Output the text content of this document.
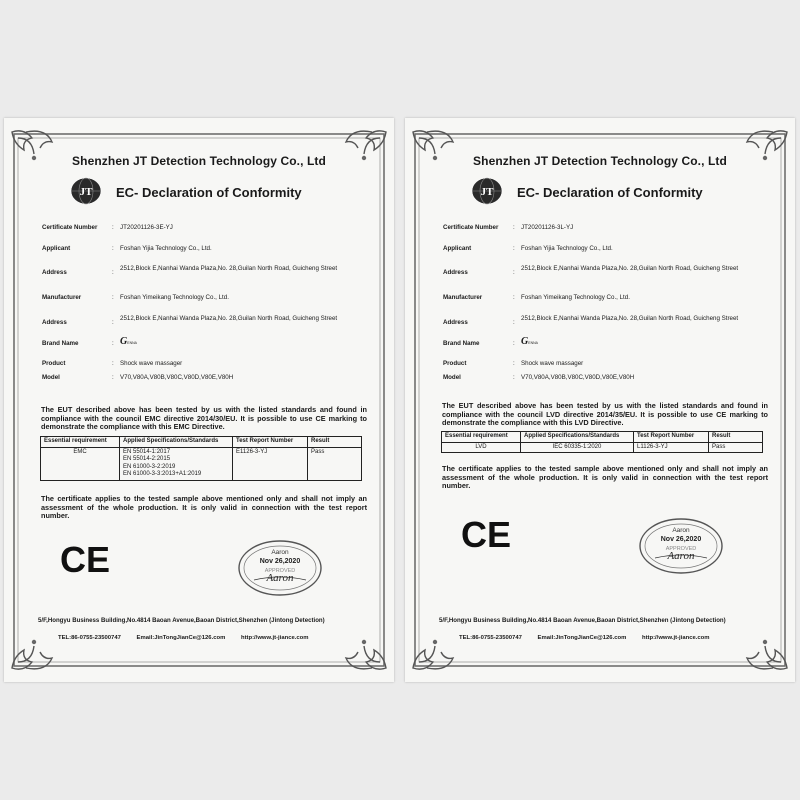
Shenzhen JT Detection Technology Co., Ltd
JT EC- Declaration of Conformity
Certificate Number	: JT20201126-3E-YJ
Applicant	: Foshan Yijia Technology Co., Ltd.
Address	:
2512,Block E,Nanhai Wanda Plaza,No. 28,Guilan North Road, Guicheng Street
Manufacturer	: Foshan Yimeikang Technology Co., Ltd.
Address	:
2512,Block E,Nanhai Wanda Plaza,No. 28,Guilan North Road, Guicheng Street
Brand Name	: GENNA
Product	: Shock wave massager
Model	: V70,V80A,V80B,V80C,V80D,V80E,V80H
The EUT described above has been tested by us with the listed standards and found in compliance with the council EMC directive 2014/30/EU. It is possible to use CE marking to demonstrate the compliance with this EMC Directive.
Essential requirement	Applied Specifications/Standards	Test Report Number	Result
EMC	EN 55014-1:2017
EN 55014-2:2015
EN 61000-3-2:2019
EN 61000-3-3:2013+A1:2019	E1126-3-YJ	Pass
The certificate applies to the tested sample above mentioned only and shall not imply an assessment of the whole production. It is only valid in connection with the test report number.
CE	Aaron
Nov 26,2020
APPROVED
Aaron
5/F,Hongyu Business Building,No.4814 Baoan Avenue,Baoan District,Shenzhen (Jintong Detection)
TEL:86-0755-23500747	Email:JinTongJianCe@126.com	http://www.jt-jiance.com
Shenzhen JT Detection Technology Co., Ltd
JT EC- Declaration of Conformity
Certificate Number	: JT20201126-3L-YJ
Applicant	: Foshan Yijia Technology Co., Ltd.
Address	:
2512,Block E,Nanhai Wanda Plaza,No. 28,Guilan North Road, Guicheng Street
Manufacturer	: Foshan Yimeikang Technology Co., Ltd.
Address	:
2512,Block E,Nanhai Wanda Plaza,No. 28,Guilan North Road, Guicheng Street
Brand Name	: GENNA
Product	: Shock wave massager
Model	: V70,V80A,V80B,V80C,V80D,V80E,V80H
The EUT described above has been tested by us with the listed standards and found in compliance with the council LVD directive 2014/35/EU. It is possible to use CE marking to demonstrate the compliance with this LVD Directive.
Essential requirement	Applied Specifications/Standards	Test Report Number	Result
LVD	IEC 60335-1:2020	L1126-3-YJ	Pass
The certificate applies to the tested sample above mentioned only and shall not imply an assessment of the whole production. It is only valid in connection with the test report number.
CE	Aaron
Nov 26,2020
APPROVED
Aaron
5/F,Hongyu Business Building,No.4814 Baoan Avenue,Baoan District,Shenzhen (Jintong Detection)
TEL:86-0755-23500747	Email:JinTongJianCe@126.com	http://www.jt-jiance.com
